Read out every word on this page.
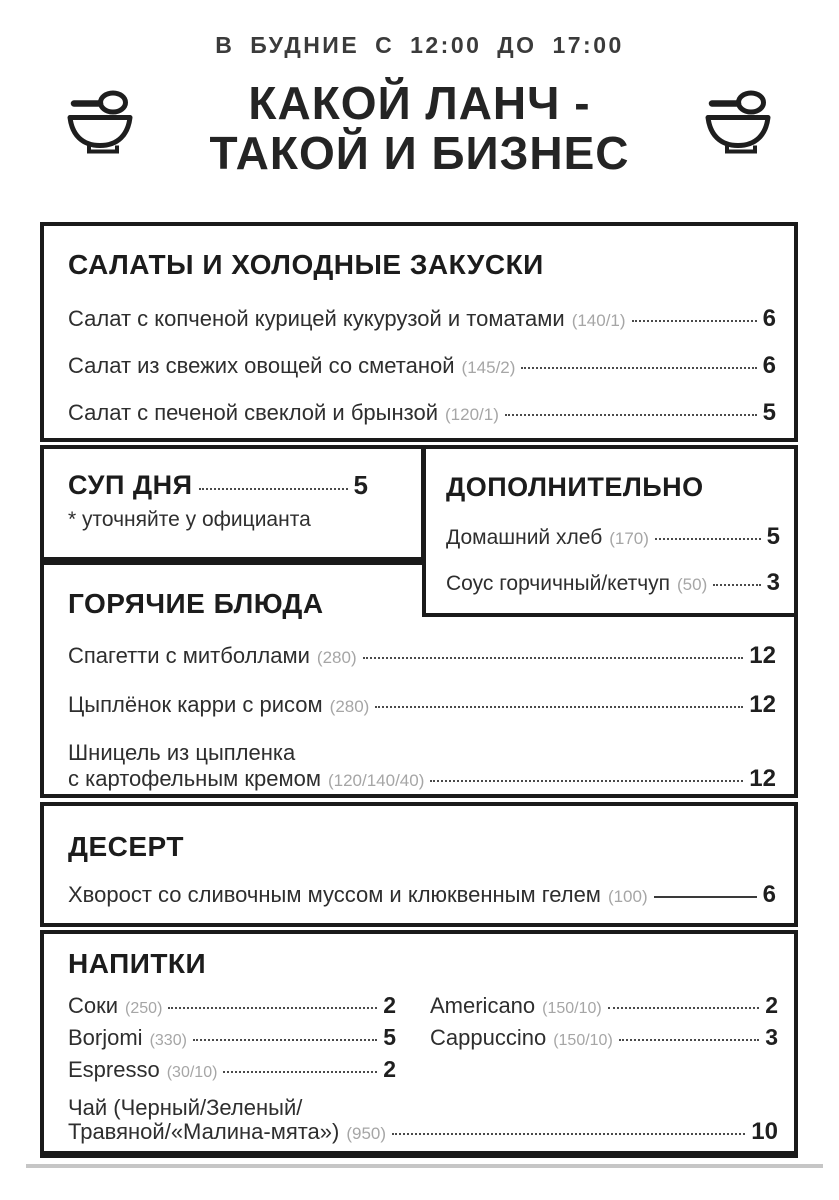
В БУДНИЕ С 12:00 ДО 17:00
КАКОЙ ЛАНЧ -
ТАКОЙ И БИЗНЕС
САЛАТЫ И ХОЛОДНЫЕ ЗАКУСКИ
Салат с копченой курицей кукурузой и томатами (140/1)	6
Салат из свежих овощей со сметаной (145/2)	6
Салат с печеной свеклой и брынзой (120/1)	5
СУП ДНЯ	5
* уточняйте у официанта
ДОПОЛНИТЕЛЬНО
Домашний хлеб (170)	5
Соус горчичный/кетчуп (50) 3
ГОРЯЧИЕ БЛЮДА
Спагетти с митболлами (280)	12
Цыплёнок карри с рисом (280)	12
Шницель из цыпленка
с картофельным кремом (120/140/40)	12
ДЕСЕРТ
Хворост со сливочным муссом и клюквенным гелем (100)	6
НАПИТКИ
Соки (250)	2
Borjomi (330)	5
Espresso (30/10)	2
Americano (150/10)	2
Cappuccino (150/10)	3
Чай (Черный/Зеленый/
Травяной/«Малина-мята») (950)	10
